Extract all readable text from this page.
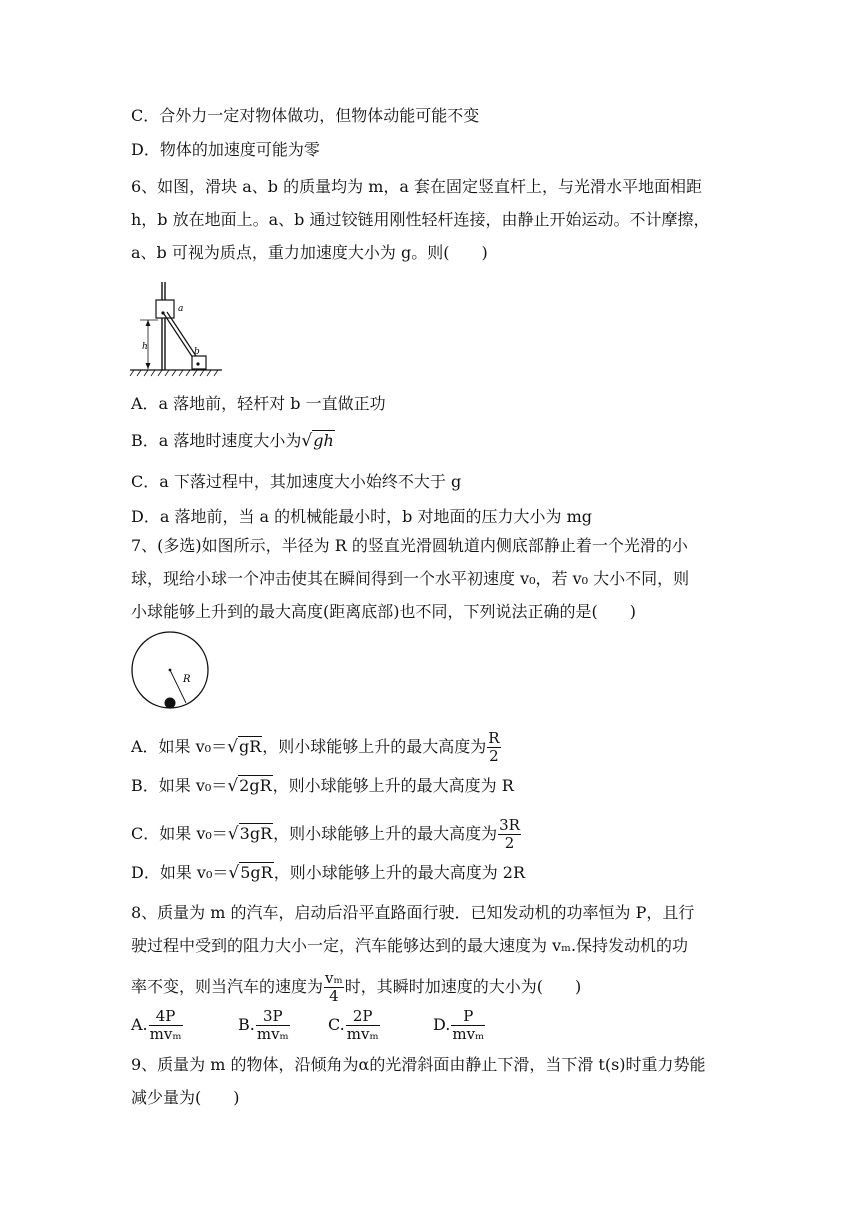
C．合外力一定对物体做功，但物体动能可能不变
D．物体的加速度可能为零
6、如图，滑块 a、b 的质量均为 m，a 套在固定竖直杆上，与光滑水平地面相距
h，b 放在地面上。a、b 通过铰链用刚性轻杆连接，由静止开始运动。不计摩擦，
a、b 可视为质点，重力加速度大小为 g。则(　　)
a
b
h
A．a 落地前，轻杆对 b 一直做正功
B．a 落地时速度大小为√gh
C．a 下落过程中，其加速度大小始终不大于 g
D．a 落地前，当 a 的机械能最小时，b 对地面的压力大小为 mg
7、(多选)如图所示，半径为 R 的竖直光滑圆轨道内侧底部静止着一个光滑的小
球，现给小球一个冲击使其在瞬间得到一个水平初速度 v₀，若 v₀ 大小不同，则
小球能够上升到的最大高度(距离底部)也不同，下列说法正确的是(　　)
R
A．如果 v₀＝√gR，则小球能够上升的最大高度为 $\frac{R}{2}$
B．如果 v₀＝√2gR，则小球能够上升的最大高度为 R
C．如果 v₀＝√3gR，则小球能够上升的最大高度为 $\frac{3R}{2}$
D．如果 v₀＝√5gR，则小球能够上升的最大高度为 2R
8、质量为 m 的汽车，启动后沿平直路面行驶．已知发动机的功率恒为 P，且行
驶过程中受到的阻力大小一定，汽车能够达到的最大速度为 vₘ.保持发动机的功
率不变，则当汽车的速度为 $\frac{\text{vₘ}}{4}$ 时，其瞬时加速度的大小为(　　)
A. $\frac{4P}{\text{mvₘ}}$	B. $\frac{3P}{\text{mvₘ}} C$. $\frac{2P}{\text{mvₘ}}$	D. $\frac{P}{\text{mvₘ}}$
9、质量为 m 的物体，沿倾角为α的光滑斜面由静止下滑，当下滑 t(s)时重力势能
减少量为(　　)
